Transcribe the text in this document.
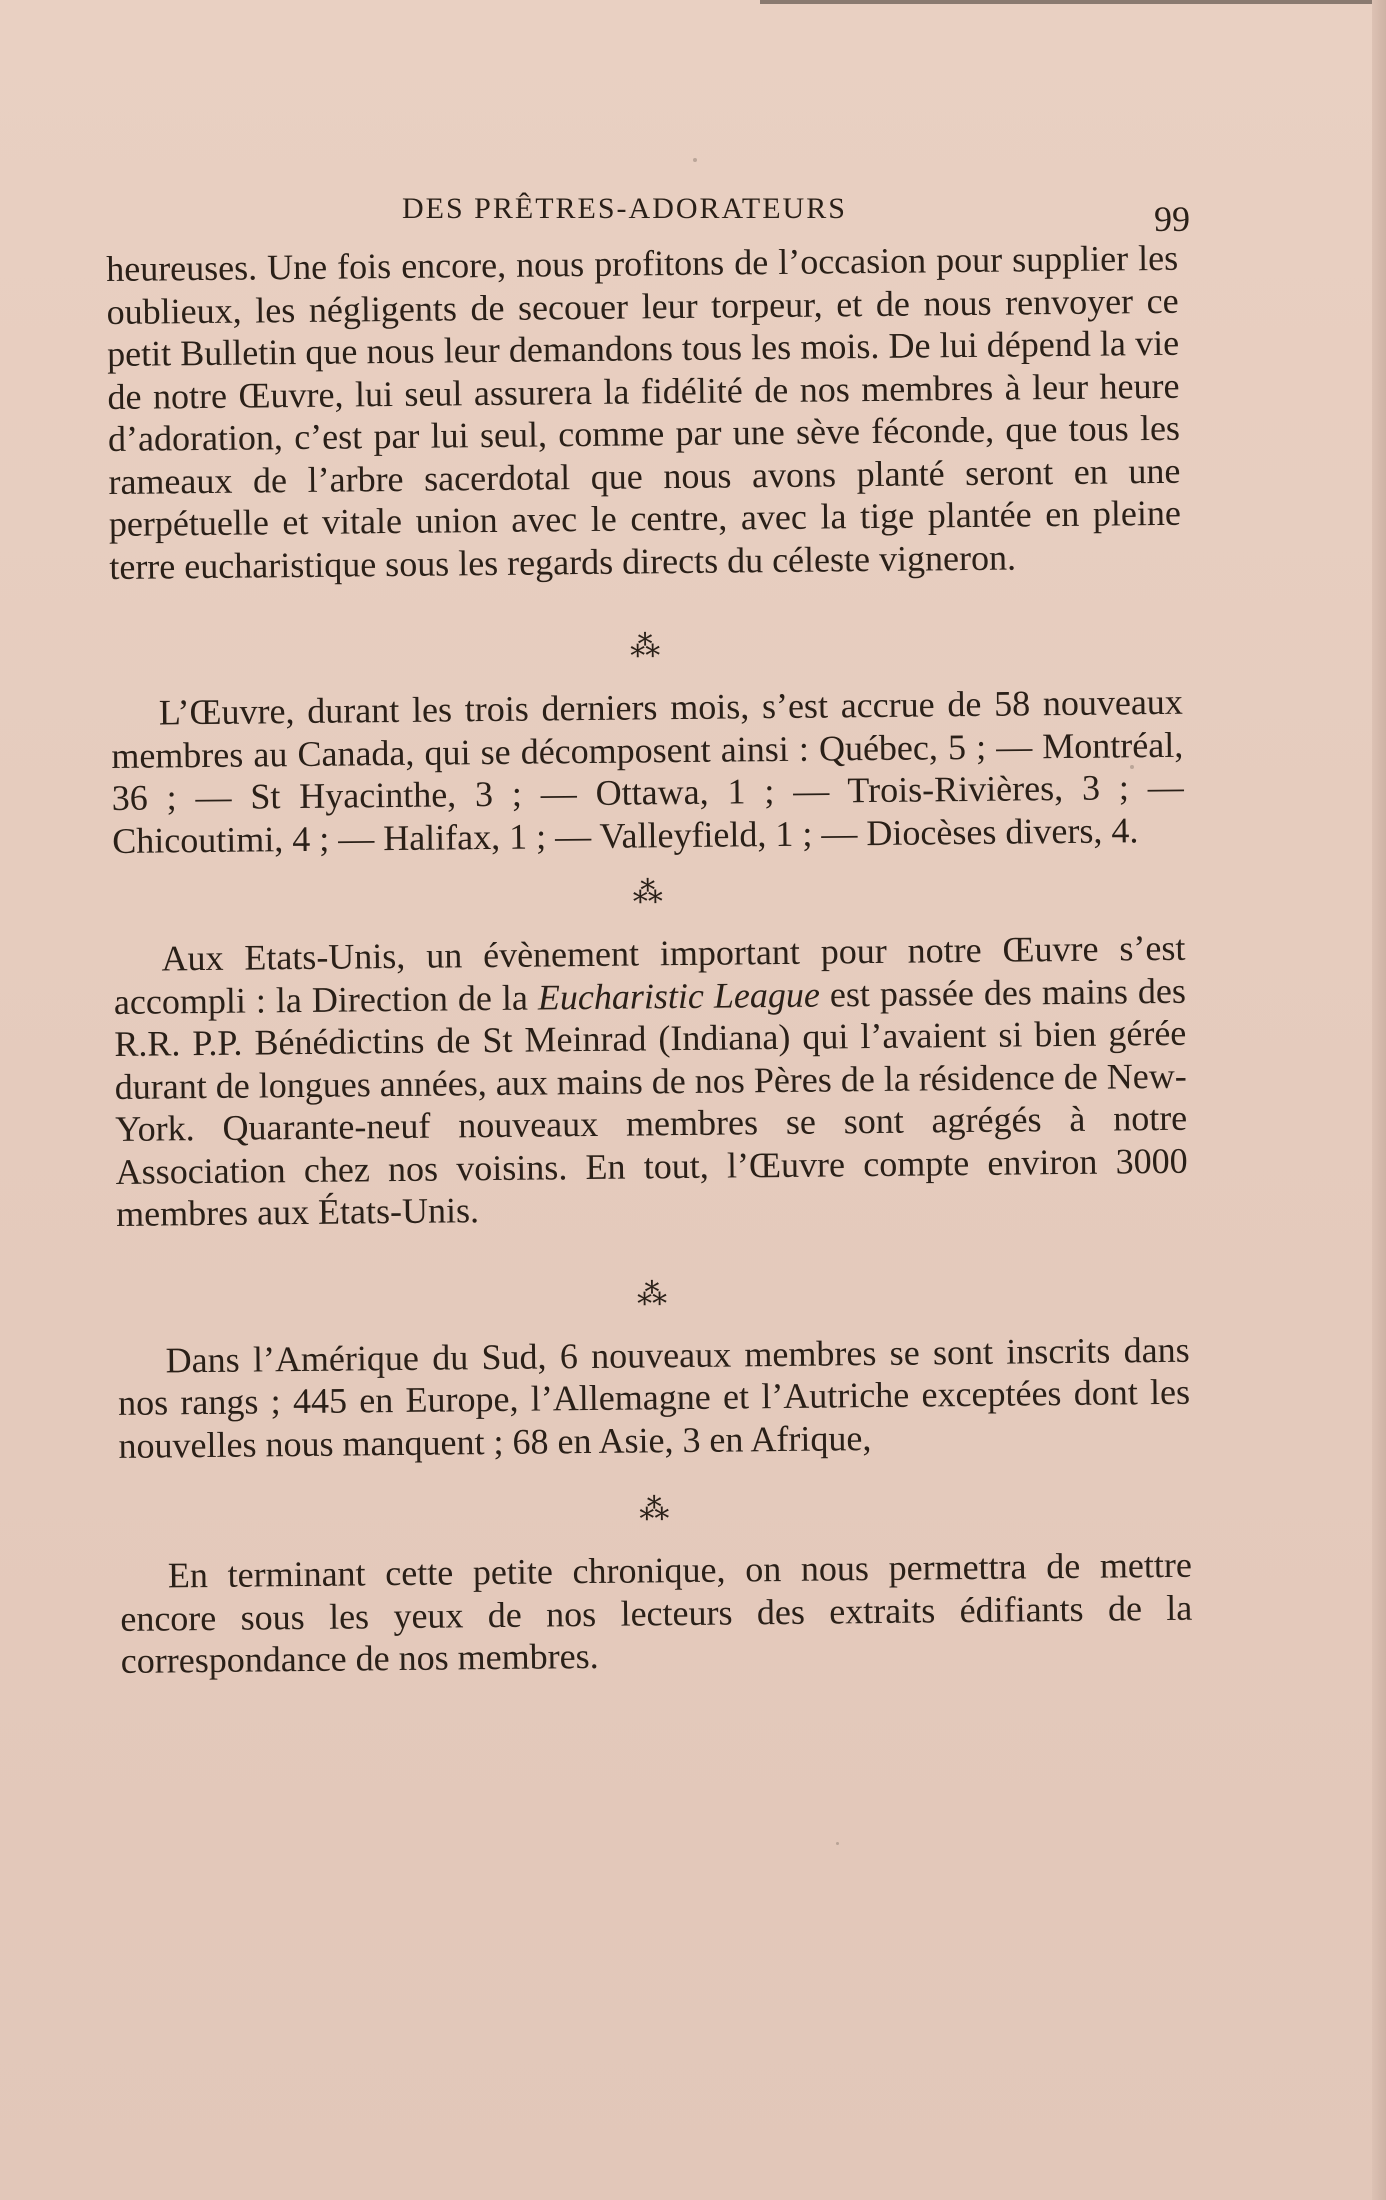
DES PRÊTRES-ADORATEURS	99

heureuses. Une fois encore, nous profitons de l’occasion pour supplier les oublieux, les négligents de secouer leur torpeur, et de nous renvoyer ce petit Bulletin que nous leur demandons tous les mois. De lui dépend la vie de notre Œuvre, lui seul assurera la fidélité de nos membres à leur heure d’adoration, c’est par lui seul, comme par une sève féconde, que tous les rameaux de l’arbre sacerdotal que nous avons planté seront en une perpétuelle et vitale union avec le centre, avec la tige plantée en pleine terre eucharistique sous les regards directs du céleste vigneron.

⁂

L’Œuvre, durant les trois derniers mois, s’est accrue de 58 nouveaux membres au Canada, qui se décomposent ainsi : Québec, 5 ; — Montréal, 36 ; — St Hyacinthe, 3 ; — Ottawa, 1 ; — Trois-Rivières, 3 ; — Chicoutimi, 4 ; — Halifax, 1 ; — Valleyfield, 1 ; — Diocèses divers, 4.

⁂

Aux Etats-Unis, un évènement important pour notre Œuvre s’est accompli : la Direction de la Eucharistic League est passée des mains des R.R. P.P. Bénédictins de St Meinrad (Indiana) qui l’avaient si bien gérée durant de longues années, aux mains de nos Pères de la résidence de New-York. Quarante-neuf nouveaux membres se sont agrégés à notre Association chez nos voisins. En tout, l’Œuvre compte environ 3000 membres aux États-Unis.

⁂

Dans l’Amérique du Sud, 6 nouveaux membres se sont inscrits dans nos rangs ; 445 en Europe, l’Allemagne et l’Autriche exceptées dont les nouvelles nous manquent ; 68 en Asie, 3 en Afrique,

⁂

En terminant cette petite chronique, on nous permettra de mettre encore sous les yeux de nos lecteurs des extraits édifiants de la correspondance de nos membres.
